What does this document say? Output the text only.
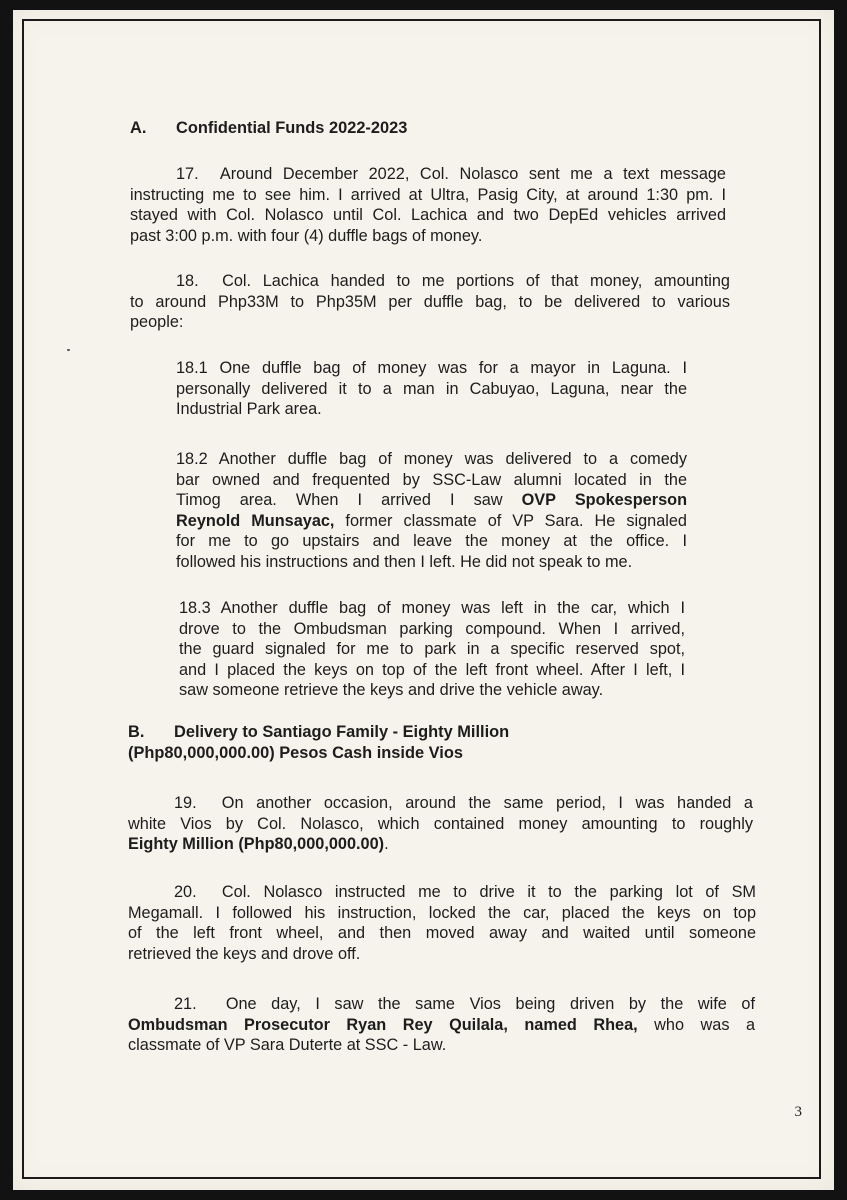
A. Confidential Funds 2022-2023
17. Around December 2022, Col. Nolasco sent me a text message
instructing me to see him. I arrived at Ultra, Pasig City, at around 1:30 pm. I
stayed with Col. Nolasco until Col. Lachica and two DepEd vehicles arrived
past 3:00 p.m. with four (4) duffle bags of money.
18. Col. Lachica handed to me portions of that money, amounting
to around Php33M to Php35M per duffle bag, to be delivered to various
people:
18.1 One duffle bag of money was for a mayor in Laguna. I
personally delivered it to a man in Cabuyao, Laguna, near the
Industrial Park area.
18.2 Another duffle bag of money was delivered to a comedy
bar owned and frequented by SSC-Law alumni located in the
Timog area. When I arrived I saw OVP Spokesperson
Reynold Munsayac, former classmate of VP Sara. He signaled
for me to go upstairs and leave the money at the office. I
followed his instructions and then I left. He did not speak to me.
18.3 Another duffle bag of money was left in the car, which I
drove to the Ombudsman parking compound. When I arrived,
the guard signaled for me to park in a specific reserved spot,
and I placed the keys on top of the left front wheel. After I left, I
saw someone retrieve the keys and drive the vehicle away.
B. Delivery to Santiago Family - Eighty Million
(Php80,000,000.00) Pesos Cash inside Vios
19. On another occasion, around the same period, I was handed a
white Vios by Col. Nolasco, which contained money amounting to roughly
Eighty Million (Php80,000,000.00).
20. Col. Nolasco instructed me to drive it to the parking lot of SM
Megamall. I followed his instruction, locked the car, placed the keys on top
of the left front wheel, and then moved away and waited until someone
retrieved the keys and drove off.
21. One day, I saw the same Vios being driven by the wife of
Ombudsman Prosecutor Ryan Rey Quilala, named Rhea, who was a
classmate of VP Sara Duterte at SSC - Law.
3
